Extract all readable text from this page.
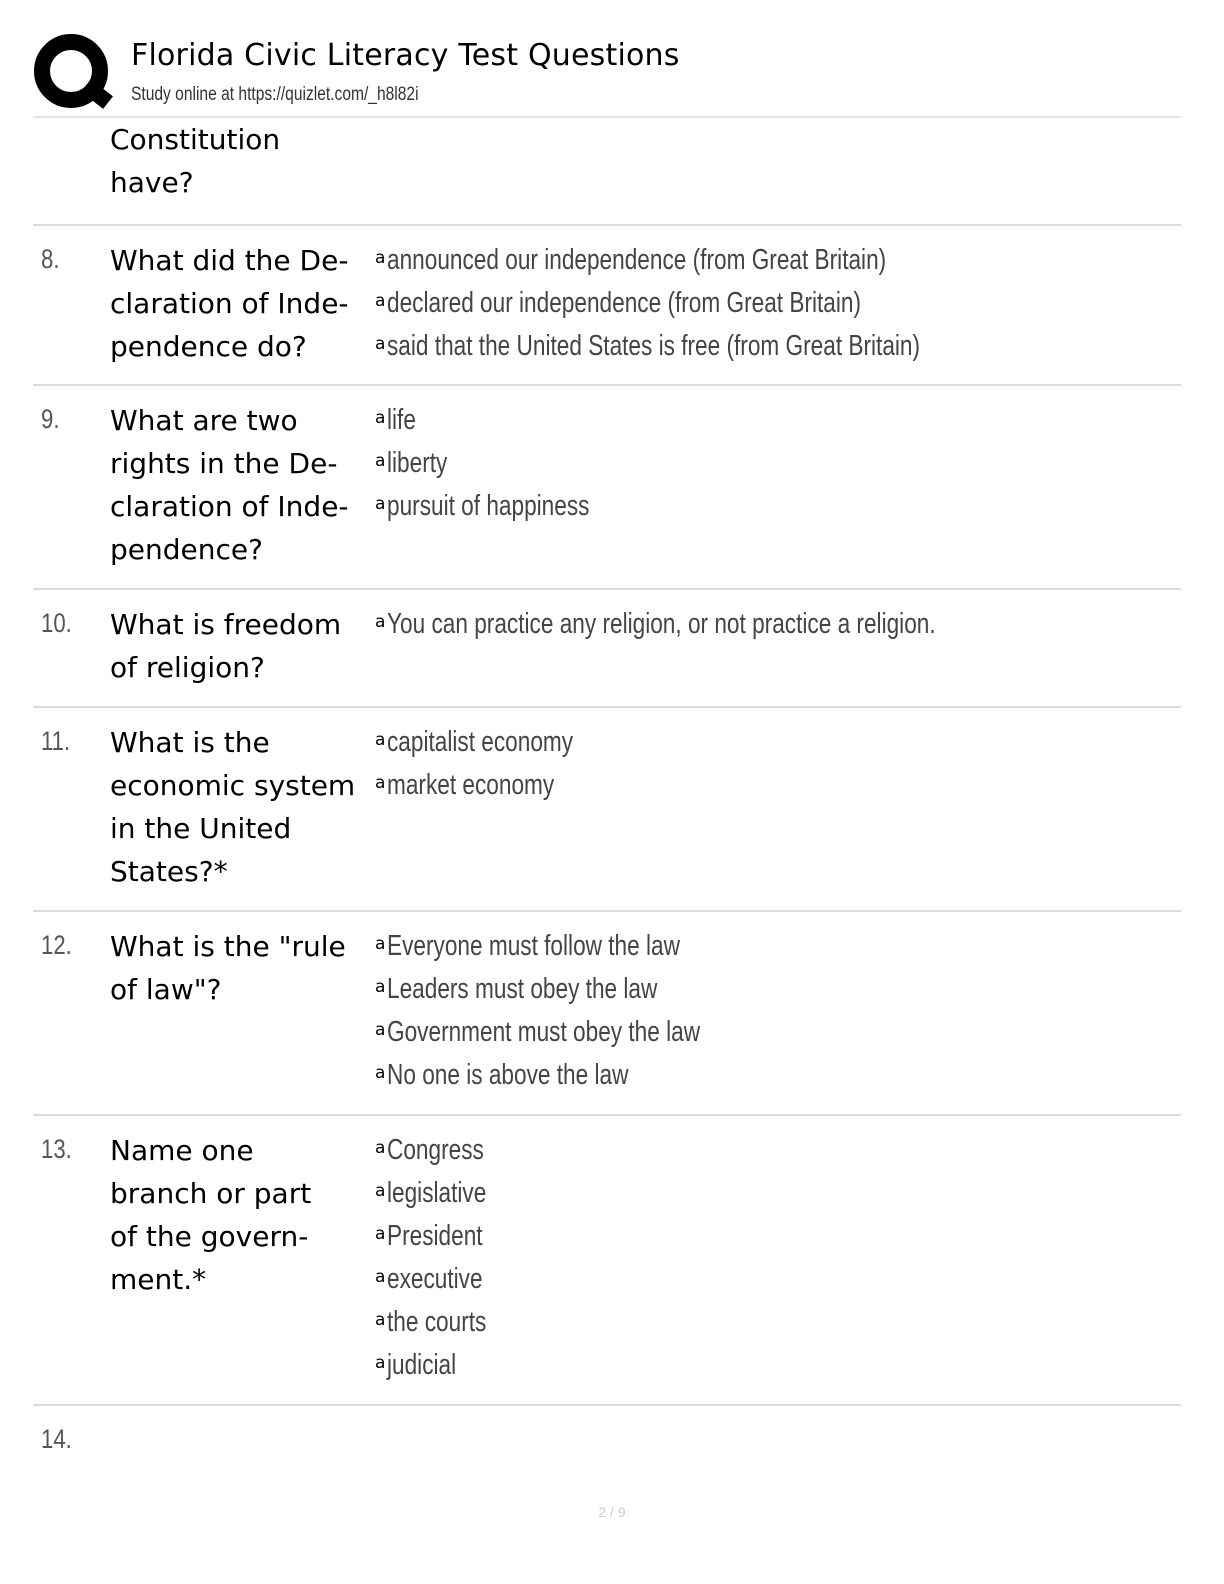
Florida Civic Literacy Test Questions
Study online at https://quizlet.com/_h8l82i
Constitution
have?
8. What did the De-
claration of Inde-
pendence do?
aannounced our independence (from Great Britain)
adeclared our independence (from Great Britain)
asaid that the United States is free (from Great Britain)
9. What are two
rights in the De-
claration of Inde-
pendence?
alife
aliberty
apursuit of happiness
10. What is freedom
of religion?
aYou can practice any religion, or not practice a religion.
11. What is the
economic system
in the United
States?*
acapitalist economy
amarket economy
12. What is the "rule
of law"?
aEveryone must follow the law
aLeaders must obey the law
aGovernment must obey the law
aNo one is above the law
13. Name one
branch or part
of the govern-
ment.*
aCongress
alegislative
aPresident
aexecutive
athe courts
ajudicial
14.
2 / 9
